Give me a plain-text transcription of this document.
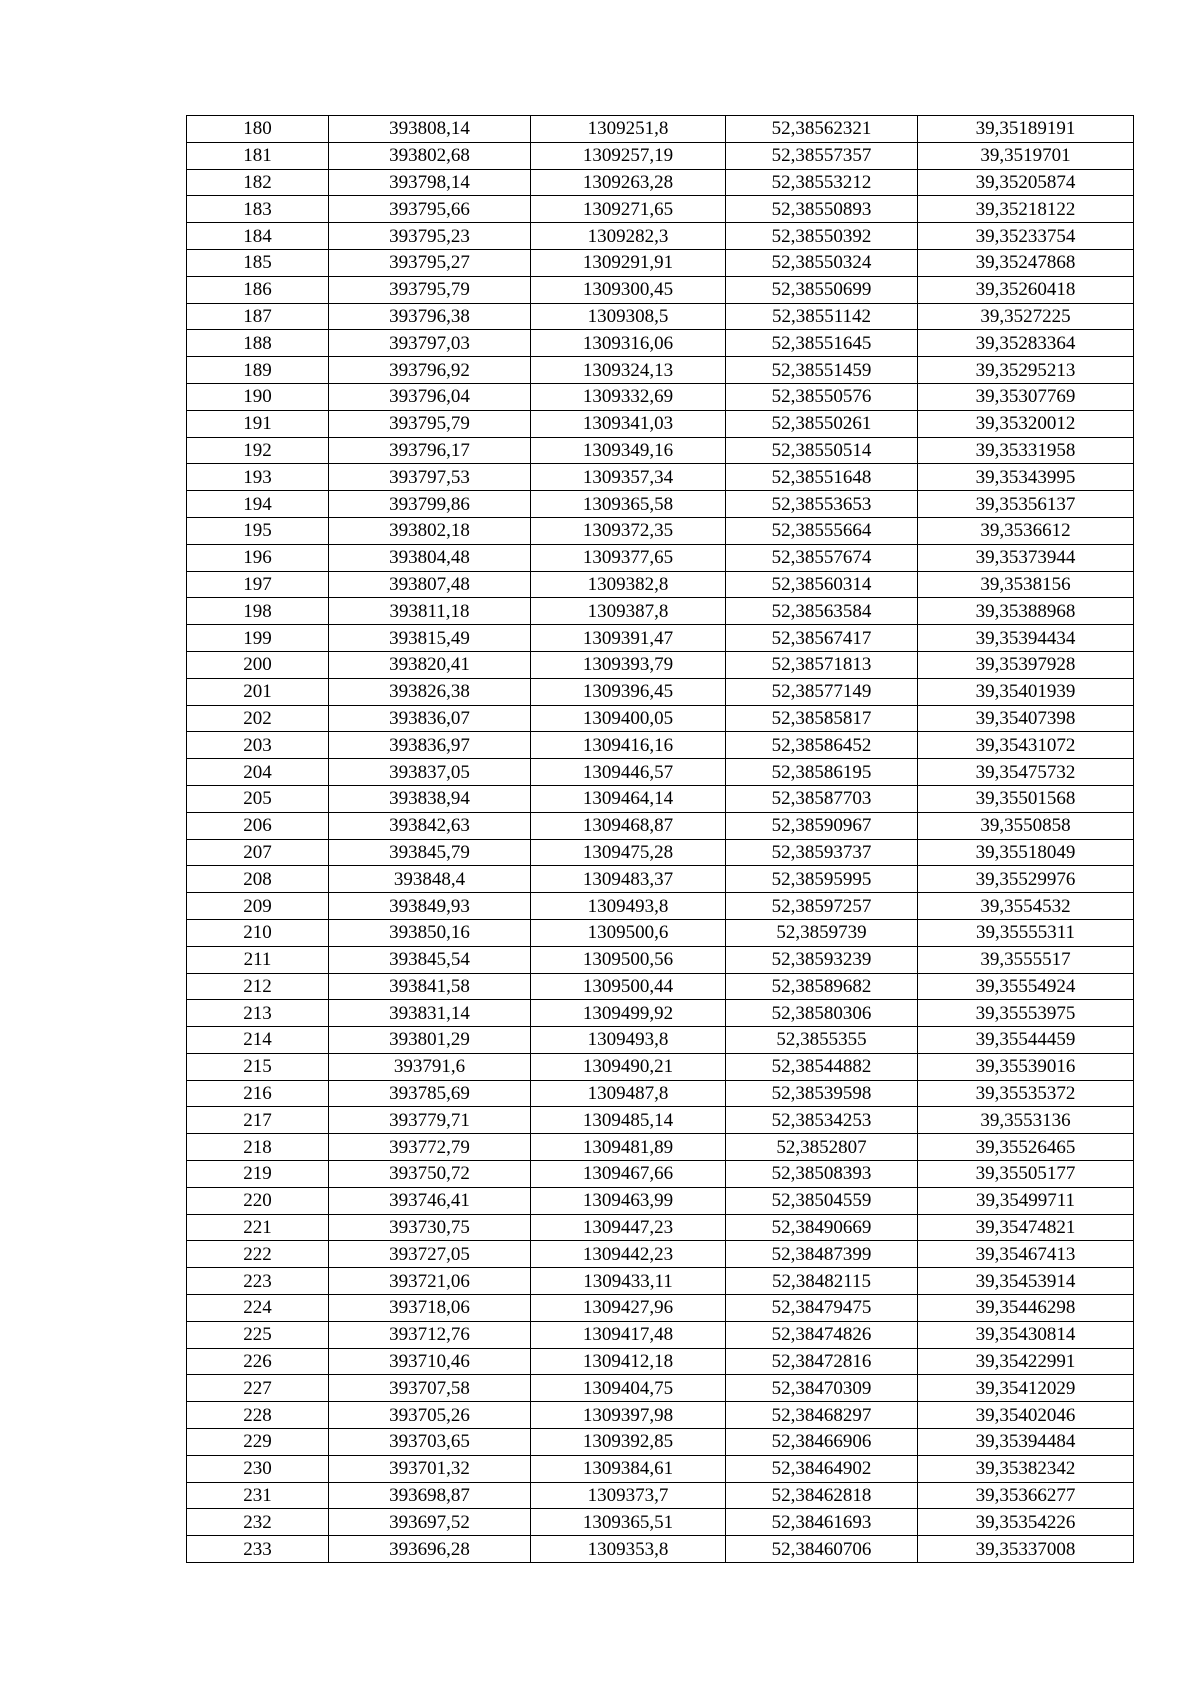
180	393808,14	1309251,8	52,38562321	39,35189191
181	393802,68	1309257,19	52,38557357	39,3519701
182	393798,14	1309263,28	52,38553212	39,35205874
183	393795,66	1309271,65	52,38550893	39,35218122
184	393795,23	1309282,3	52,38550392	39,35233754
185	393795,27	1309291,91	52,38550324	39,35247868
186	393795,79	1309300,45	52,38550699	39,35260418
187	393796,38	1309308,5	52,38551142	39,3527225
188	393797,03	1309316,06	52,38551645	39,35283364
189	393796,92	1309324,13	52,38551459	39,35295213
190	393796,04	1309332,69	52,38550576	39,35307769
191	393795,79	1309341,03	52,38550261	39,35320012
192	393796,17	1309349,16	52,38550514	39,35331958
193	393797,53	1309357,34	52,38551648	39,35343995
194	393799,86	1309365,58	52,38553653	39,35356137
195	393802,18	1309372,35	52,38555664	39,3536612
196	393804,48	1309377,65	52,38557674	39,35373944
197	393807,48	1309382,8	52,38560314	39,3538156
198	393811,18	1309387,8	52,38563584	39,35388968
199	393815,49	1309391,47	52,38567417	39,35394434
200	393820,41	1309393,79	52,38571813	39,35397928
201	393826,38	1309396,45	52,38577149	39,35401939
202	393836,07	1309400,05	52,38585817	39,35407398
203	393836,97	1309416,16	52,38586452	39,35431072
204	393837,05	1309446,57	52,38586195	39,35475732
205	393838,94	1309464,14	52,38587703	39,35501568
206	393842,63	1309468,87	52,38590967	39,3550858
207	393845,79	1309475,28	52,38593737	39,35518049
208	393848,4	1309483,37	52,38595995	39,35529976
209	393849,93	1309493,8	52,38597257	39,3554532
210	393850,16	1309500,6	52,3859739	39,35555311
211	393845,54	1309500,56	52,38593239	39,3555517
212	393841,58	1309500,44	52,38589682	39,35554924
213	393831,14	1309499,92	52,38580306	39,35553975
214	393801,29	1309493,8	52,3855355	39,35544459
215	393791,6	1309490,21	52,38544882	39,35539016
216	393785,69	1309487,8	52,38539598	39,35535372
217	393779,71	1309485,14	52,38534253	39,3553136
218	393772,79	1309481,89	52,3852807	39,35526465
219	393750,72	1309467,66	52,38508393	39,35505177
220	393746,41	1309463,99	52,38504559	39,35499711
221	393730,75	1309447,23	52,38490669	39,35474821
222	393727,05	1309442,23	52,38487399	39,35467413
223	393721,06	1309433,11	52,38482115	39,35453914
224	393718,06	1309427,96	52,38479475	39,35446298
225	393712,76	1309417,48	52,38474826	39,35430814
226	393710,46	1309412,18	52,38472816	39,35422991
227	393707,58	1309404,75	52,38470309	39,35412029
228	393705,26	1309397,98	52,38468297	39,35402046
229	393703,65	1309392,85	52,38466906	39,35394484
230	393701,32	1309384,61	52,38464902	39,35382342
231	393698,87	1309373,7	52,38462818	39,35366277
232	393697,52	1309365,51	52,38461693	39,35354226
233	393696,28	1309353,8	52,38460706	39,35337008
